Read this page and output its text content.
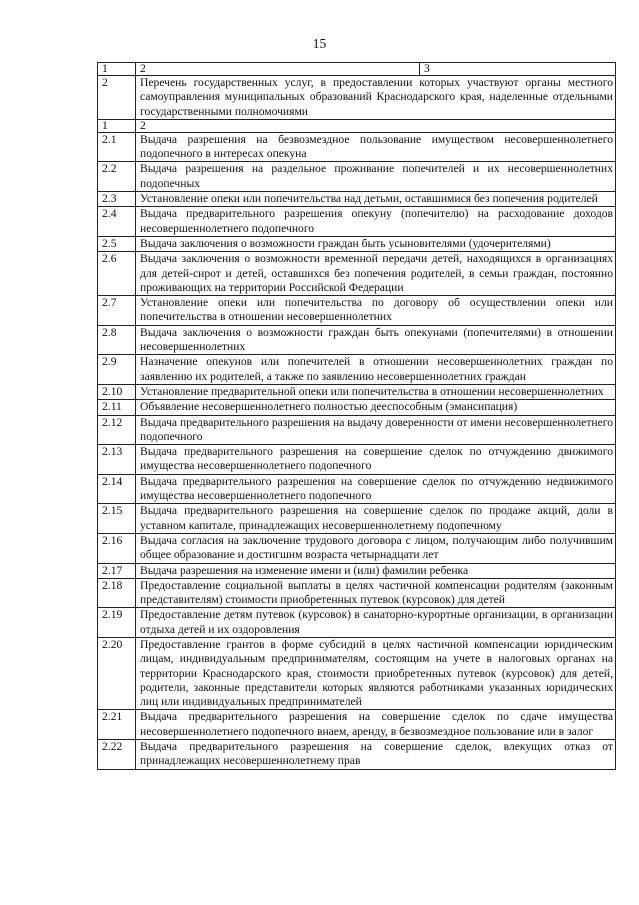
15
1	2	3
2	Перечень государственных услуг, в предоставлении которых участвуют органы местного самоуправления муниципальных образований Краснодарского края, наделенные отдельными государственными полномочиями	
1	2	
2.1	Выдача разрешения на безвозмездное пользование имуществом несовершеннолетнего подопечного в интересах опекуна	
2.2	Выдача разрешения на раздельное проживание попечителей и их несовершеннолетних подопечных	
2.3	Установление опеки или попечительства над детьми, оставшимися без попечения родителей	
2.4	Выдача предварительного разрешения опекуну (попечителю) на расходование доходов несовершеннолетнего подопечного	
2.5	Выдача заключения о возможности граждан быть усыновителями (удочерителями)	
2.6	Выдача заключения о возможности временной передачи детей, находящихся в организациях для детей-сирот и детей, оставшихся без попечения родителей, в семьи граждан, постоянно проживающих на территории Российской Федерации	
2.7	Установление опеки или попечительства по договору об осуществлении опеки или попечительства в отношении несовершеннолетних	
2.8	Выдача заключения о возможности граждан быть опекунами (попечителями) в отношении несовершеннолетних	
2.9	Назначение опекунов или попечителей в отношении несовершеннолетних граждан по заявлению их родителей, а также по заявлению несовершеннолетних граждан	
2.10	Установление предварительной опеки или попечительства в отношении несовершеннолетних	
2.11	Объявление несовершеннолетнего полностью дееспособным (эмансипация)	
2.12	Выдача предварительного разрешения на выдачу доверенности от имени несовершеннолетнего подопечного	
2.13	Выдача предварительного разрешения на совершение сделок по отчуждению движимого имущества несовершеннолетнего подопечного	
2.14	Выдача предварительного разрешения на совершение сделок по отчуждению недвижимого имущества несовершеннолетнего подопечного	
2.15	Выдача предварительного разрешения на совершение сделок по продаже акций, доли в уставном капитале, принадлежащих несовершеннолетнему подопечному	
2.16	Выдача согласия на заключение трудового договора с лицом, получающим либо получившим общее образование и достигшим возраста четырнадцати лет	
2.17	Выдача разрешения на изменение имени и (или) фамилии ребенка	
2.18	Предоставление социальной выплаты в целях частичной компенсации родителям (законным представителям) стоимости приобретенных путевок (курсовок) для детей	
2.19	Предоставление детям путевок (курсовок) в санаторно-курортные организации, в организации отдыха детей и их оздоровления	
2.20	Предоставление грантов в форме субсидий в целях частичной компенсации юридическим лицам, индивидуальным предпринимателям, состоящим на учете в налоговых органах на территории Краснодарского края, стоимости приобретенных путевок (курсовок) для детей, родители, законные представители которых являются работниками указанных юридических лиц или индивидуальных предпринимателей	
2.21	Выдача предварительного разрешения на совершение сделок по сдаче имущества несовершеннолетнего подопечного внаем, аренду, в безвозмездное пользование или в залог	
2.22	Выдача предварительного разрешения на совершение сделок, влекущих отказ от принадлежащих несовершеннолетнему прав	
